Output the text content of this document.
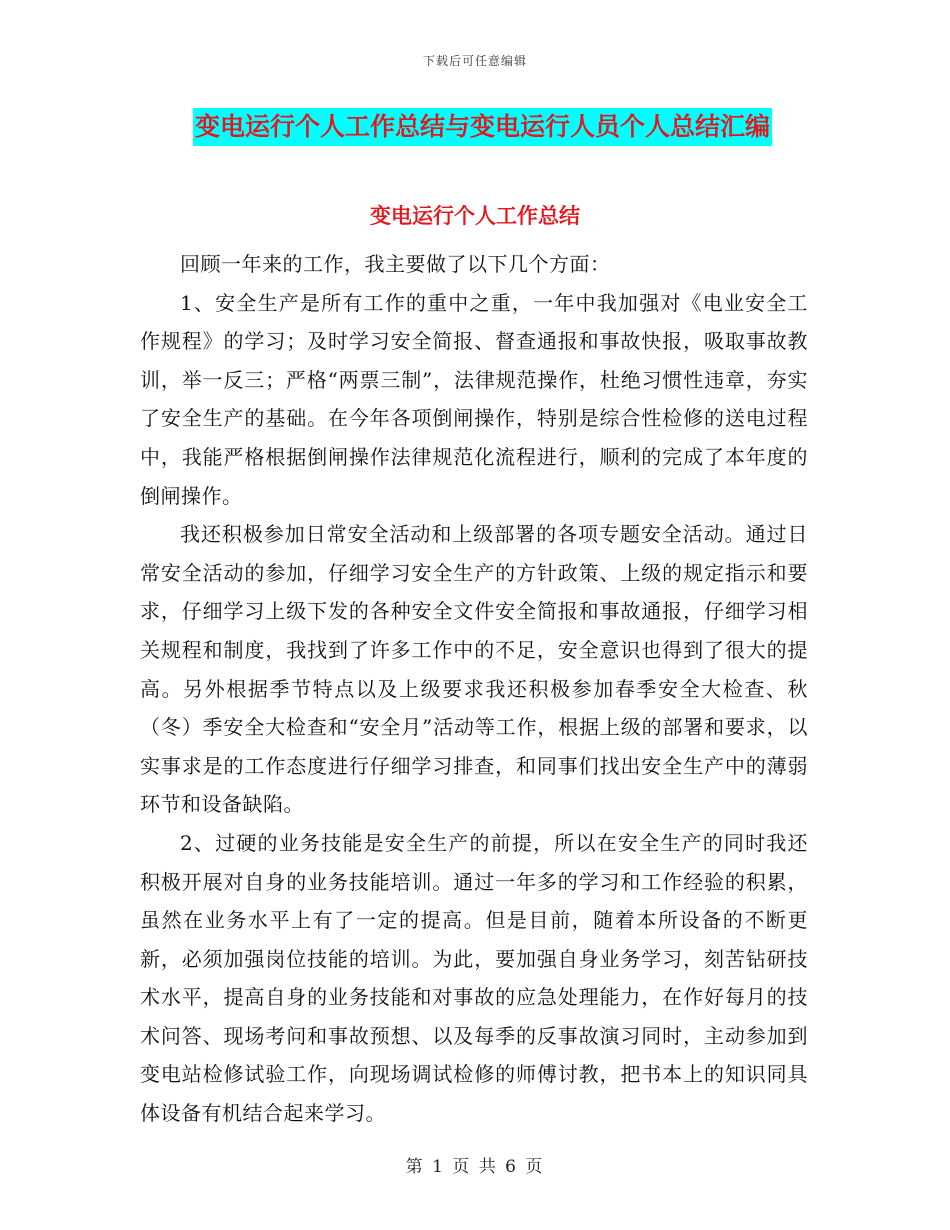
下载后可任意编辑
变电运行个人工作总结与变电运行人员个人总结汇编
变电运行个人工作总结

回顾一年来的工作，我主要做了以下几个方面：

1、安全生产是所有工作的重中之重，一年中我加强对《电业安全工作规程》的学习；及时学习安全简报、督查通报和事故快报，吸取事故教训，举一反三；严格“两票三制”，法律规范操作，杜绝习惯性违章，夯实了安全生产的基础。在今年各项倒闸操作，特别是综合性检修的送电过程中，我能严格根据倒闸操作法律规范化流程进行，顺利的完成了本年度的倒闸操作。

我还积极参加日常安全活动和上级部署的各项专题安全活动。通过日常安全活动的参加，仔细学习安全生产的方针政策、上级的规定指示和要求，仔细学习上级下发的各种安全文件安全简报和事故通报，仔细学习相关规程和制度，我找到了许多工作中的不足，安全意识也得到了很大的提高。另外根据季节特点以及上级要求我还积极参加春季安全大检查、秋（冬）季安全大检查和“安全月”活动等工作，根据上级的部署和要求，以实事求是的工作态度进行仔细学习排查，和同事们找出安全生产中的薄弱环节和设备缺陷。

2、过硬的业务技能是安全生产的前提，所以在安全生产的同时我还积极开展对自身的业务技能培训。通过一年多的学习和工作经验的积累，虽然在业务水平上有了一定的提高。但是目前，随着本所设备的不断更新，必须加强岗位技能的培训。为此，要加强自身业务学习，刻苦钻研技术水平，提高自身的业务技能和对事故的应急处理能力，在作好每月的技术问答、现场考问和事故预想、以及每季的反事故演习同时，主动参加到变电站检修试验工作，向现场调试检修的师傅讨教，把书本上的知识同具体设备有机结合起来学习。

第 1 页 共 6 页
